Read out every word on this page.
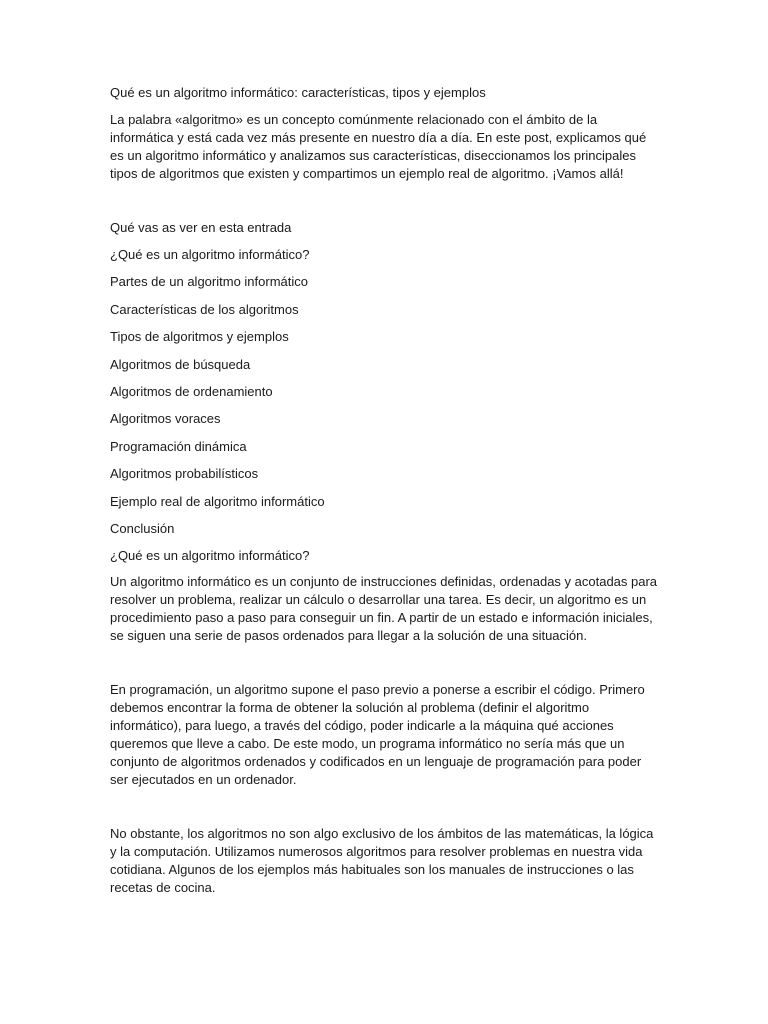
Qué es un algoritmo informático: características, tipos y ejemplos

La palabra «algoritmo» es un concepto comúnmente relacionado con el ámbito de la informática y está cada vez más presente en nuestro día a día. En este post, explicamos qué es un algoritmo informático y analizamos sus características, diseccionamos los principales tipos de algoritmos que existen y compartimos un ejemplo real de algoritmo. ¡Vamos allá!

Qué vas as ver en esta entrada

¿Qué es un algoritmo informático?
Partes de un algoritmo informático
Características de los algoritmos
Tipos de algoritmos y ejemplos
Algoritmos de búsqueda
Algoritmos de ordenamiento
Algoritmos voraces
Programación dinámica
Algoritmos probabilísticos
Ejemplo real de algoritmo informático
Conclusión
¿Qué es un algoritmo informático?

Un algoritmo informático es un conjunto de instrucciones definidas, ordenadas y acotadas para resolver un problema, realizar un cálculo o desarrollar una tarea. Es decir, un algoritmo es un procedimiento paso a paso para conseguir un fin. A partir de un estado e información iniciales, se siguen una serie de pasos ordenados para llegar a la solución de una situación.

En programación, un algoritmo supone el paso previo a ponerse a escribir el código. Primero debemos encontrar la forma de obtener la solución al problema (definir el algoritmo informático), para luego, a través del código, poder indicarle a la máquina qué acciones queremos que lleve a cabo. De este modo, un programa informático no sería más que un conjunto de algoritmos ordenados y codificados en un lenguaje de programación para poder ser ejecutados en un ordenador.

No obstante, los algoritmos no son algo exclusivo de los ámbitos de las matemáticas, la lógica y la computación. Utilizamos numerosos algoritmos para resolver problemas en nuestra vida cotidiana. Algunos de los ejemplos más habituales son los manuales de instrucciones o las recetas de cocina.
